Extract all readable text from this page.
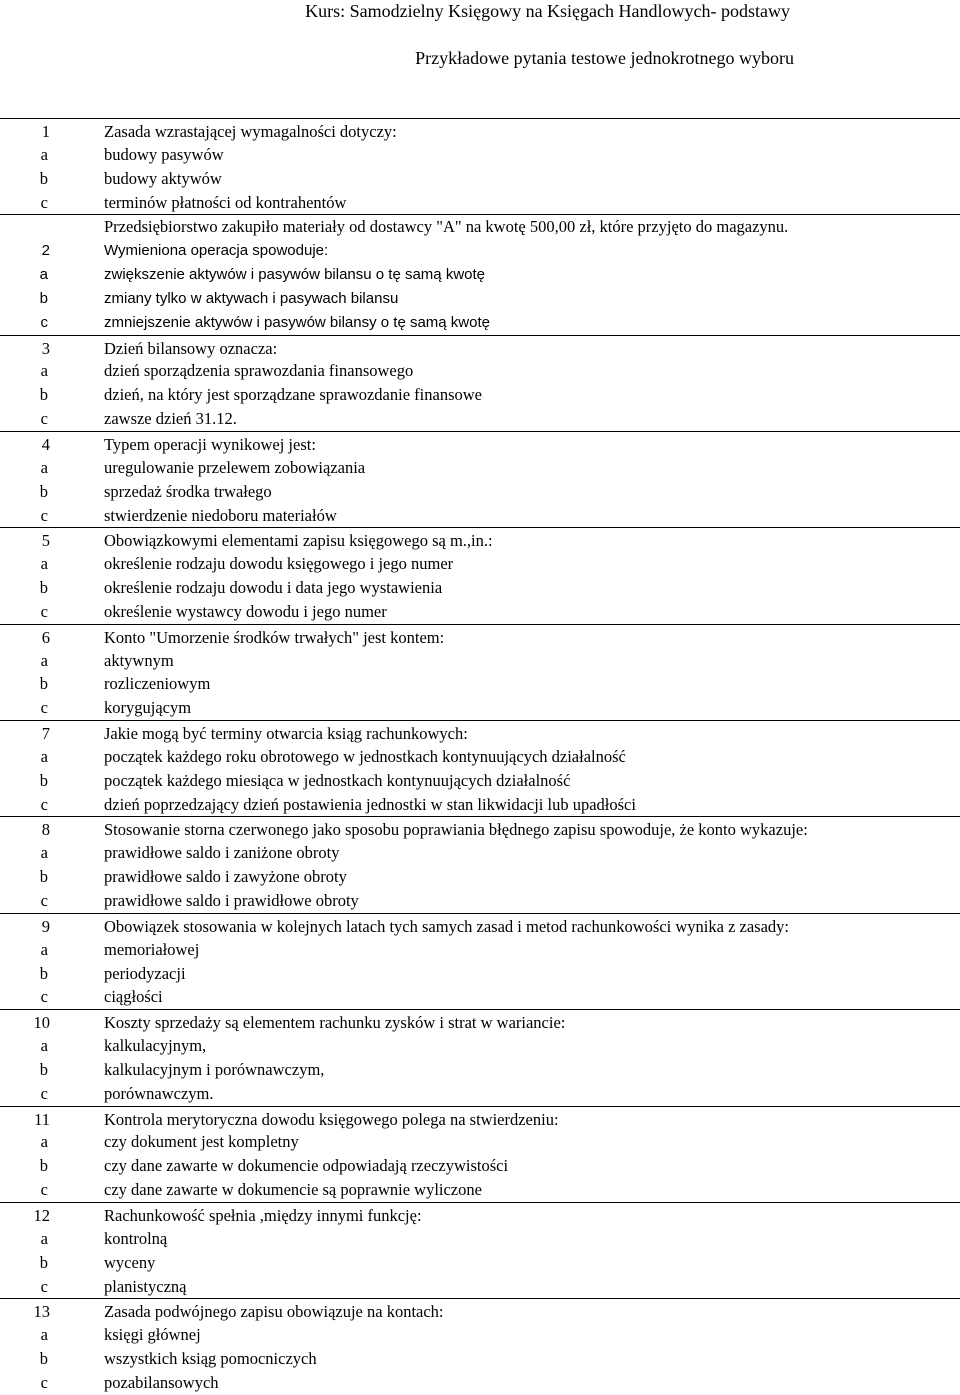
Kurs: Samodzielny Księgowy na Księgach Handlowych- podstawy
Przykładowe pytania testowe jednokrotnego wyboru
1	Zasada wzrastającej wymagalności dotyczy:
a	budowy pasywów
b	budowy aktywów
c	terminów płatności od kontrahentów
Przedsiębiorstwo zakupiło materiały od dostawcy "A" na kwotę 500,00 zł, które przyjęto do magazynu.
2	Wymieniona operacja spowoduje:
a	zwiększenie aktywów i pasywów bilansu o tę samą kwotę
b	zmiany tylko w aktywach i pasywach bilansu
c	zmniejszenie aktywów i pasywów bilansy o tę samą kwotę
3	Dzień bilansowy oznacza:
a	dzień sporządzenia sprawozdania finansowego
b	dzień, na który jest sporządzane sprawozdanie finansowe
c	zawsze dzień 31.12.
4	Typem operacji wynikowej jest:
a	uregulowanie przelewem zobowiązania
b	sprzedaż środka trwałego
c	stwierdzenie niedoboru materiałów
5	Obowiązkowymi elementami zapisu księgowego są m.,in.:
a	określenie rodzaju dowodu księgowego i jego numer
b	określenie rodzaju dowodu i data jego wystawienia
c	określenie wystawcy dowodu i jego numer
6	Konto "Umorzenie środków trwałych" jest kontem:
a	aktywnym
b	rozliczeniowym
c	korygującym
7	Jakie mogą być terminy otwarcia ksiąg rachunkowych:
a	początek każdego roku obrotowego w jednostkach kontynuujących działalność
b	początek każdego miesiąca w jednostkach kontynuujących działalność
c	dzień poprzedzający dzień postawienia jednostki w stan likwidacji lub upadłości
8	Stosowanie storna czerwonego jako sposobu poprawiania błędnego zapisu spowoduje, że konto wykazuje:
a	prawidłowe saldo i zaniżone obroty
b	prawidłowe saldo i zawyżone obroty
c	prawidłowe saldo i prawidłowe obroty
9	Obowiązek stosowania w kolejnych latach tych samych zasad i metod rachunkowości wynika z zasady:
a	memoriałowej
b	periodyzacji
c	ciągłości
10	Koszty sprzedaży są elementem rachunku zysków i strat w wariancie:
a	kalkulacyjnym,
b	kalkulacyjnym i porównawczym,
c	porównawczym.
11	Kontrola merytoryczna dowodu księgowego polega na stwierdzeniu:
a	czy dokument jest kompletny
b	czy dane zawarte w dokumencie odpowiadają rzeczywistości
c	czy dane zawarte w dokumencie są poprawnie wyliczone
12	Rachunkowość spełnia ,między innymi funkcję:
a	kontrolną
b	wyceny
c	planistyczną
13	Zasada podwójnego zapisu obowiązuje na kontach:
a	księgi głównej
b	wszystkich ksiąg pomocniczych
c	pozabilansowych
